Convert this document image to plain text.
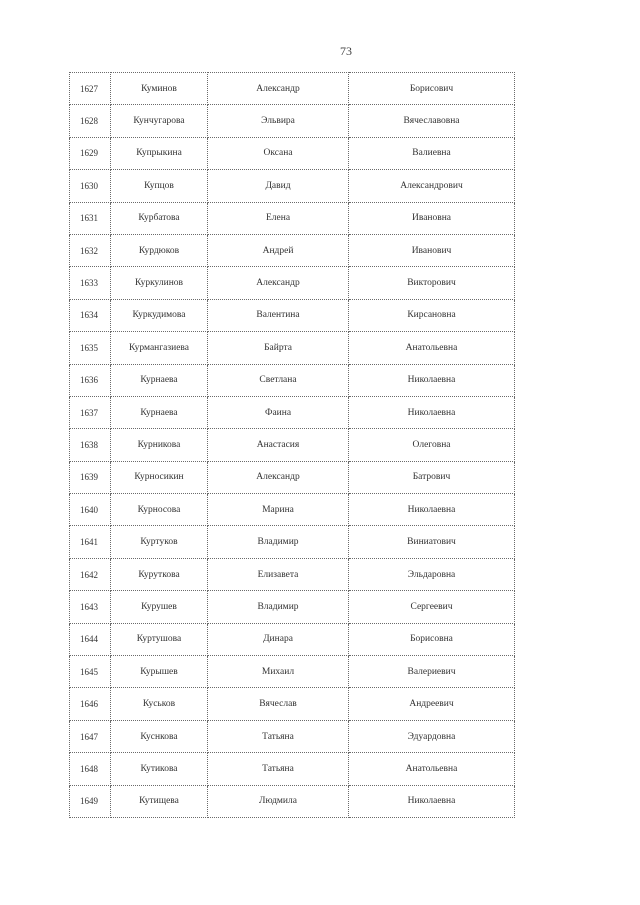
73
1627	Куминов	Александр	Борисович
1628	Кунчугарова	Эльвира	Вячеславовна
1629	Купрыкина	Оксана	Валиевна
1630	Купцов	Давид	Александрович
1631	Курбатова	Елена	Ивановна
1632	Курдюков	Андрей	Иванович
1633	Куркулинов	Александр	Викторович
1634	Куркудимова	Валентина	Кирсановна
1635	Курмангазиева	Байрта	Анатольевна
1636	Курнаева	Светлана	Николаевна
1637	Курнаева	Фаина	Николаевна
1638	Курникова	Анастасия	Олеговна
1639	Курносикин	Александр	Батрович
1640	Курносова	Марина	Николаевна
1641	Куртуков	Владимир	Виниатович
1642	Куруткова	Елизавета	Эльдаровна
1643	Курушев	Владимир	Сергеевич
1644	Куртушова	Динара	Борисовна
1645	Курышев	Михаил	Валериевич
1646	Куськов	Вячеслав	Андреевич
1647	Куснкова	Татьяна	Эдуардовна
1648	Кутикова	Татьяна	Анатольевна
1649	Кутищева	Людмила	Николаевна
